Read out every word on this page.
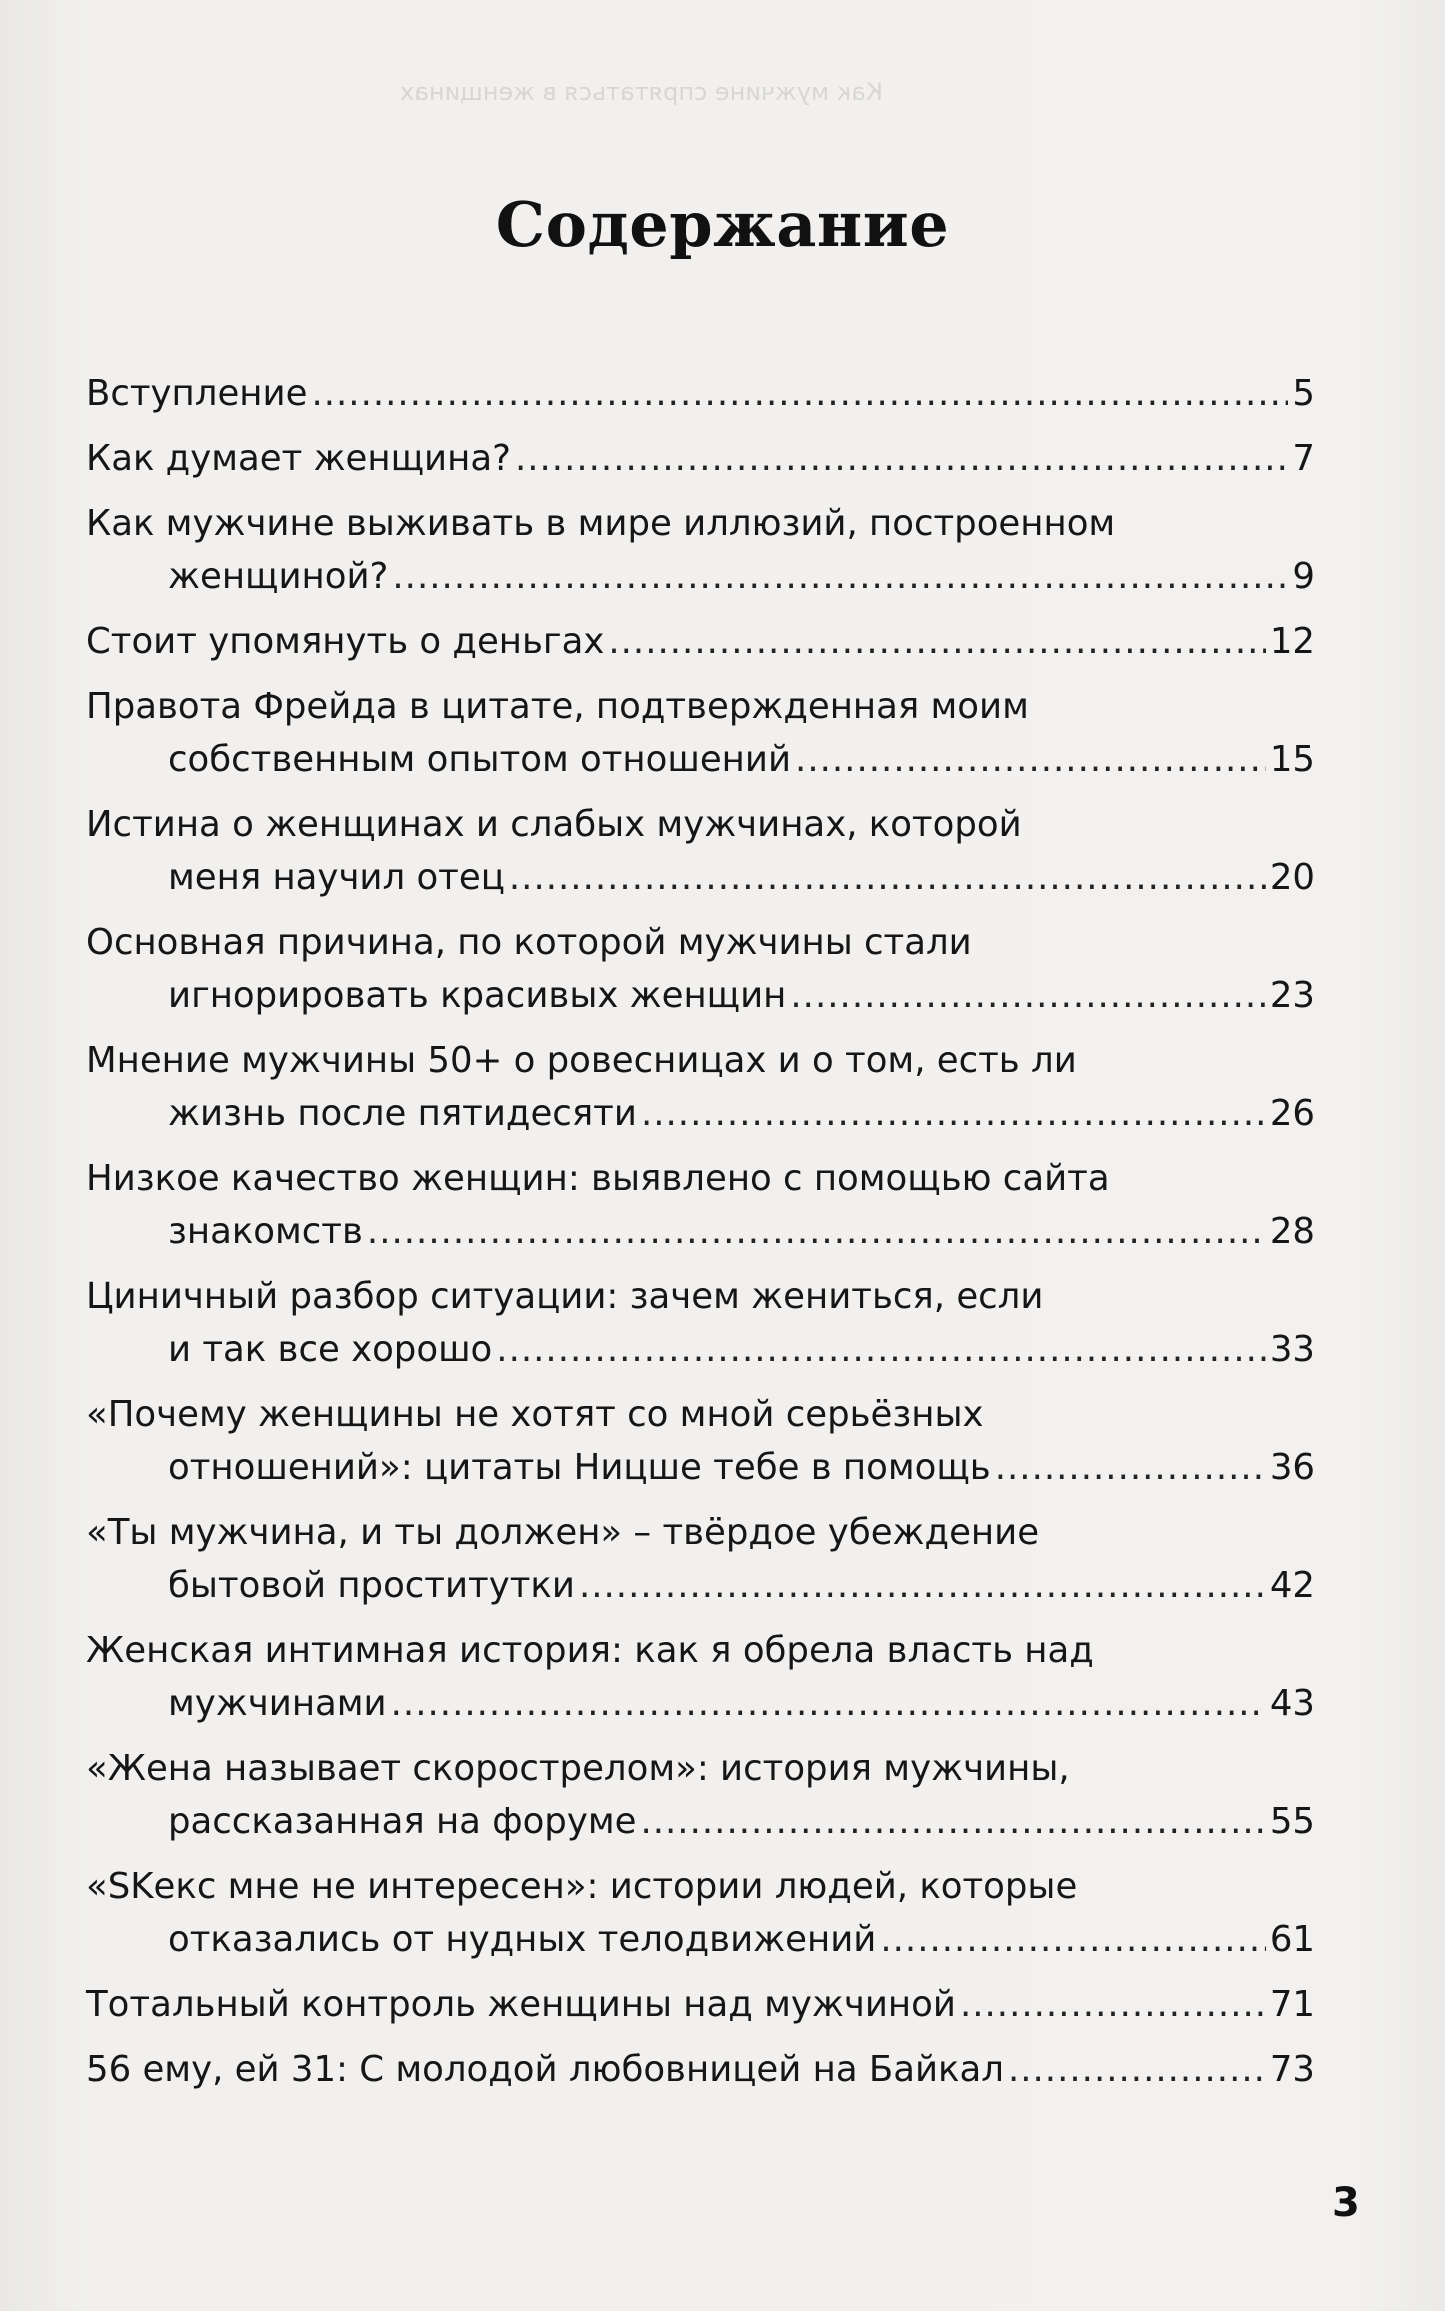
Как мужчине спрятаться в женщинах
Содержание
Вступление .....	5
Как думает женщина? .....	7
Как мужчине выживать в мире иллюзий, построенном
женщиной? .....	9
Стоит упомянуть о деньгах .....	12
Правота Фрейда в цитате, подтвержденная моим
собственным опытом отношений .....	15
Истина о женщинах и слабых мужчинах, которой
меня научил отец .....	20
Основная причина, по которой мужчины стали
игнорировать красивых женщин .....	23
Мнение мужчины 50+ о ровесницах и о том, есть ли
жизнь после пятидесяти .....	26
Низкое качество женщин: выявлено с помощью сайта
знакомств .....	28
Циничный разбор ситуации: зачем жениться, если
и так все хорошо .....	33
«Почему женщины не хотят со мной серьёзных
отношений»: цитаты Ницше тебе в помощь .....	36
«Ты мужчина, и ты должен» – твёрдое убеждение
бытовой проститутки .....	42
Женская интимная история: как я обрела власть над
мужчинами .....	43
«Жена называет скорострелом»: история мужчины,
рассказанная на форуме .....	55
«SKекс мне не интересен»: истории людей, которые
отказались от нудных телодвижений .....	61
Тотальный контроль женщины над мужчиной .....	71
56 ему, ей 31: С молодой любовницей на Байкал .....	73
3
